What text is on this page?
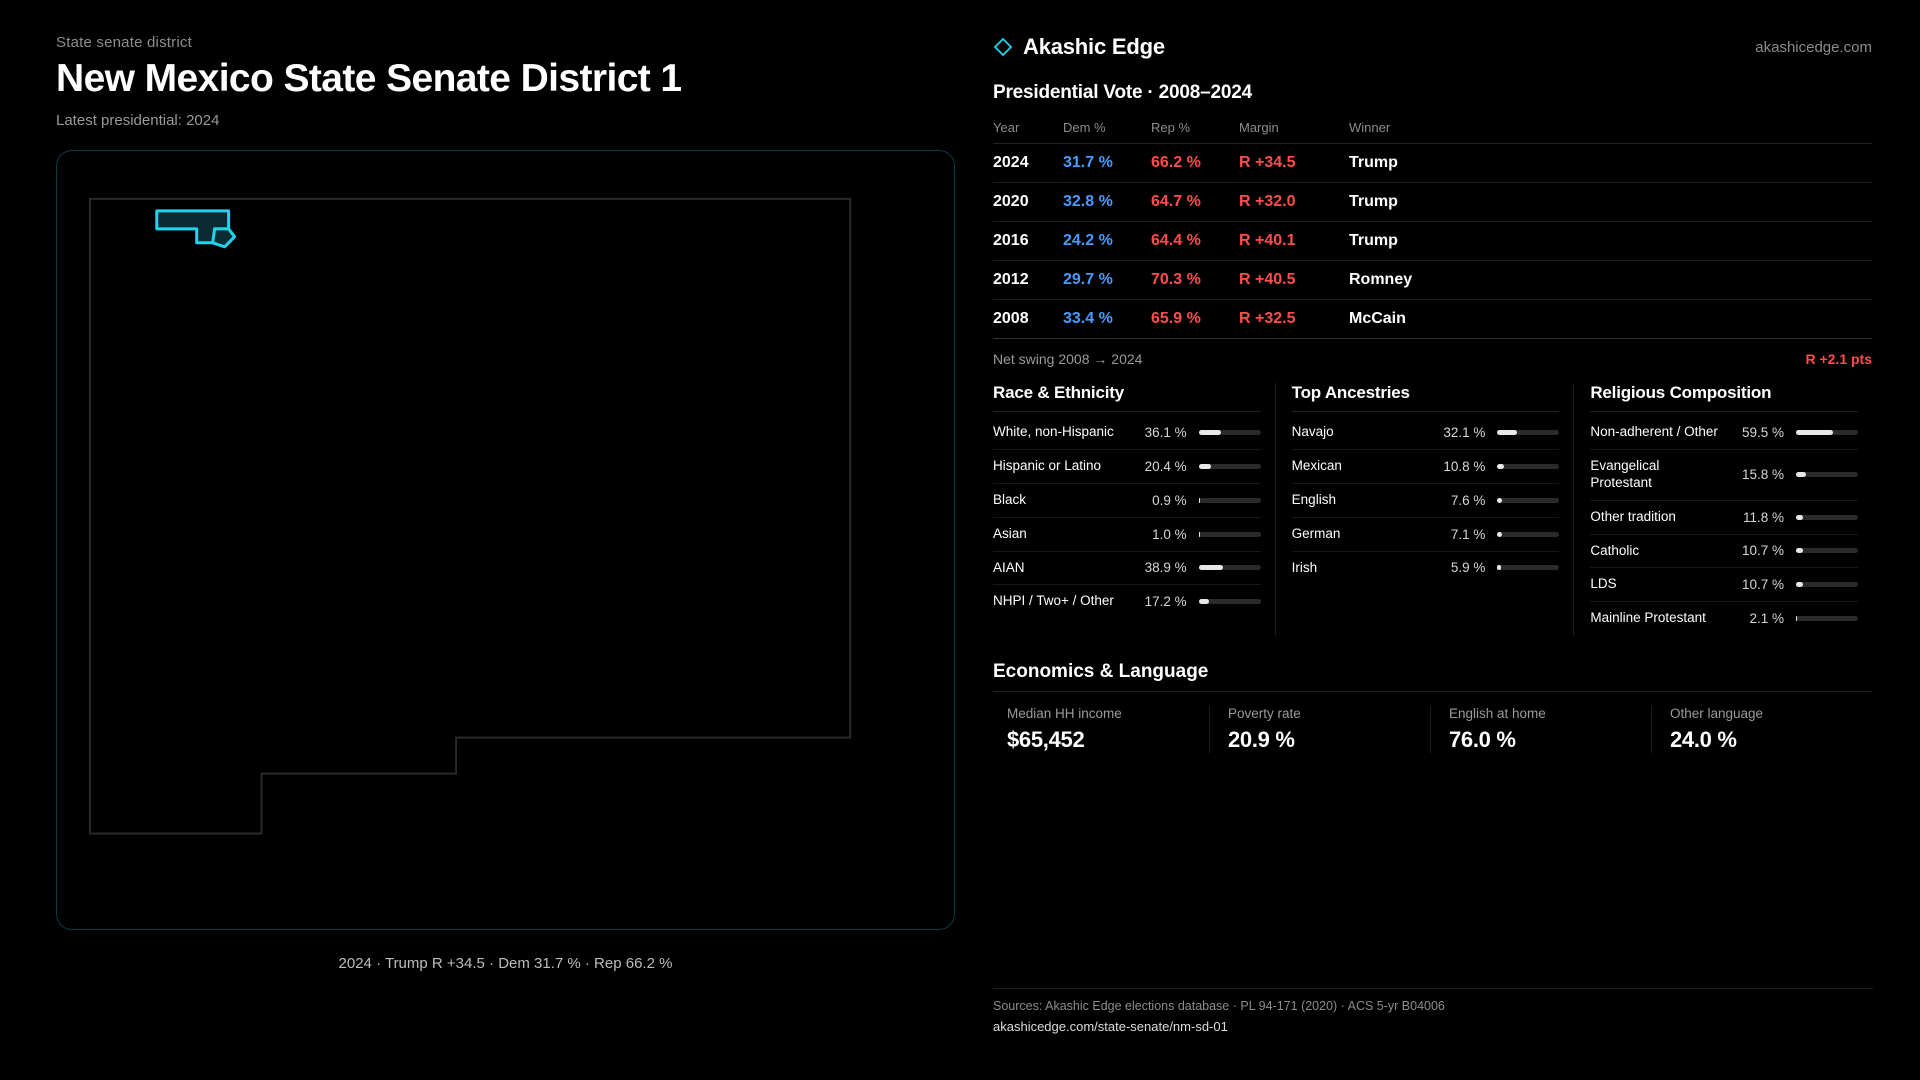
State senate district
New Mexico State Senate District 1
Latest presidential: 2024
2024 · Trump R +34.5 · Dem 31.7 % · Rep 66.2 %
Akashic Edge	akashicedge.com
Presidential Vote · 2008–2024
Year	Dem %	Rep %	Margin	Winner
2024	31.7 %	66.2 %	R +34.5	Trump
2020	32.8 %	64.7 %	R +32.0	Trump
2016	24.2 %	64.4 %	R +40.1	Trump
2012	29.7 %	70.3 %	R +40.5	Romney
2008	33.4 %	65.9 %	R +32.5	McCain
Net swing 2008 → 2024	R +2.1 pts
Race & Ethnicity
White, non-Hispanic	36.1 %
Hispanic or Latino	20.4 %
Black	0.9 %
Asian	1.0 %
AIAN	38.9 %
NHPI / Two+ / Other	17.2 %
Top Ancestries
Navajo	32.1 %
Mexican	10.8 %
English	7.6 %
German	7.1 %
Irish	5.9 %
Religious Composition
Non-adherent / Other	59.5 %
Evangelical Protestant	15.8 %
Other tradition	11.8 %
Catholic	10.7 %
LDS	10.7 %
Mainline Protestant	2.1 %
Economics & Language
Median HH income
$65,452
Poverty rate
20.9 %
English at home
76.0 %
Other language
24.0 %
Sources: Akashic Edge elections database · PL 94-171 (2020) · ACS 5-yr B04006
akashicedge.com/state-senate/nm-sd-01
